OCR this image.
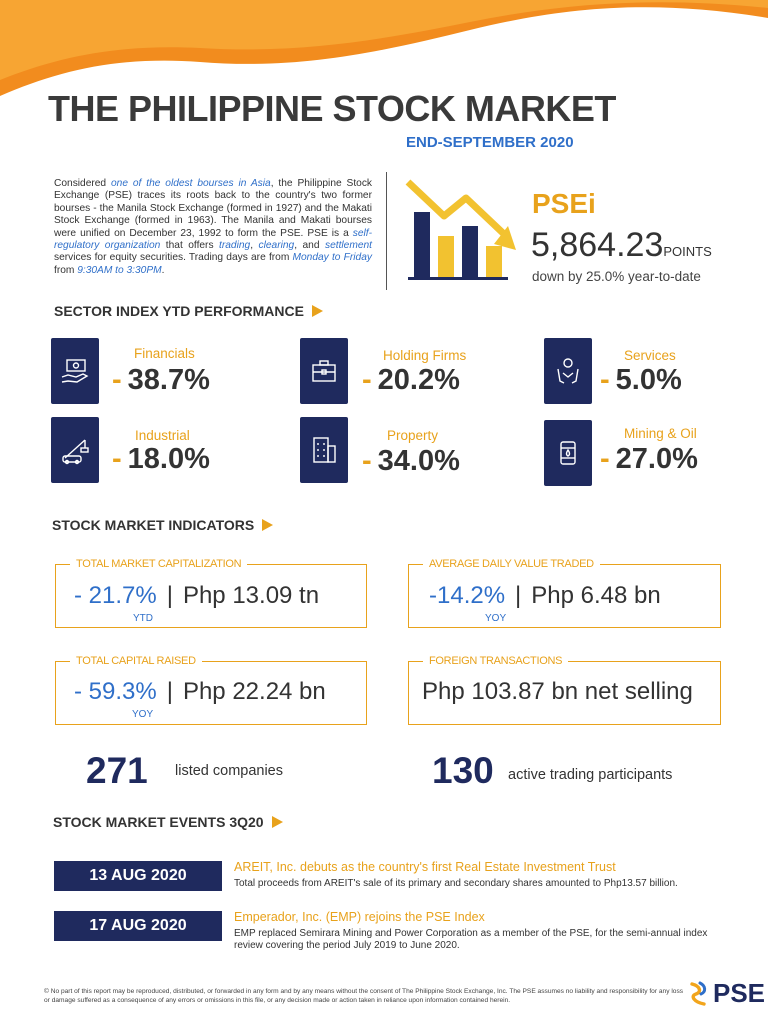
THE PHILIPPINE STOCK MARKET
END-SEPTEMBER 2020
Considered one of the oldest bourses in Asia, the Philippine Stock Exchange (PSE) traces its roots back to the country's two former bourses - the Manila Stock Exchange (formed in 1927) and the Makati Stock Exchange (formed in 1963). The Manila and Makati bourses were unified on December 23, 1992 to form the PSE. PSE is a self-regulatory organization that offers trading, clearing, and settlement services for equity securities. Trading days are from Monday to Friday from 9:30AM to 3:30PM.
PSEi
5,864.23POINTS
down by 25.0% year-to-date
SECTOR INDEX YTD PERFORMANCE
Financials
- 38.7%
Holding Firms
- 20.2%
Services
- 5.0%
Industrial
- 18.0%
Property
- 34.0%
Mining & Oil
- 27.0%
STOCK MARKET INDICATORS
TOTAL MARKET CAPITALIZATION
- 21.7% | Php 13.09 tn
YTD
AVERAGE DAILY VALUE TRADED
-14.2% | Php 6.48 bn
YOY
TOTAL CAPITAL RAISED
- 59.3% | Php 22.24 bn
YOY
FOREIGN TRANSACTIONS
Php 103.87 bn net selling
271 listed companies	130 active trading participants
STOCK MARKET EVENTS 3Q20
13 AUG 2020	AREIT, Inc. debuts as the country's first Real Estate Investment Trust
Total proceeds from AREIT's sale of its primary and secondary shares amounted to Php13.57 billion.
17 AUG 2020	Emperador, Inc. (EMP) rejoins the PSE Index
EMP replaced Semirara Mining and Power Corporation as a member of the PSE, for the semi-annual index review covering the period July 2019 to June 2020.
© No part of this report may be reproduced, distributed, or forwarded in any form and by any means without the consent of The Philippine Stock Exchange, Inc. The PSE assumes no liability and responsibility for any loss or damage suffered as a consequence of any errors or omissions in this file, or any decision made or action taken in reliance upon information contained herein.	PSE
